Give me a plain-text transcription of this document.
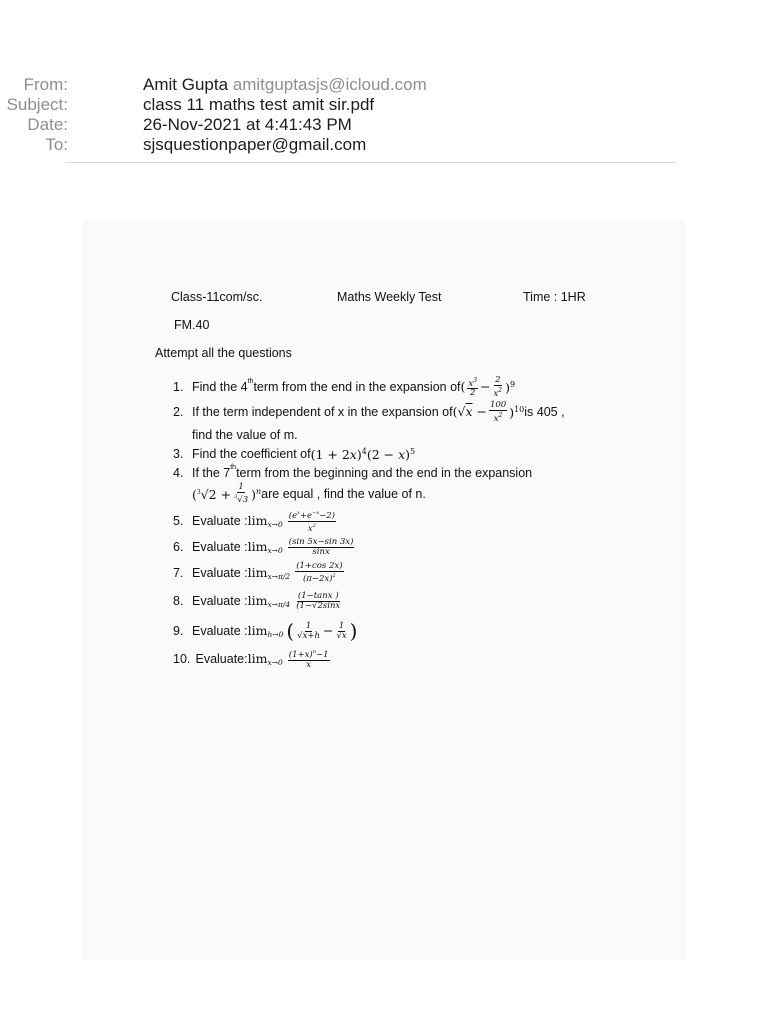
From:	Amit Gupta amitguptasjs@icloud.com
Subject:	class 11 maths test amit sir.pdf
Date:	26-Nov-2021 at 4:41:43 PM
To:	sjsquestionpaper@gmail.com
Class-11com/sc.	Maths Weekly Test	Time : 1HR
FM.40
Attempt all the questions
1. Find the 4 th term from the end in the expansion of ( $\frac{x^3}{2} - \frac{2}{x^2} )^9$
2. If the term independent of x in the expansion of $(√x - \frac{100}{x^2} )^{10}$ is 405 ,
find the value of m.
3. Find the coefficient of $(1 + 2x)^4(2 - x)^5$
4. If the 7 th term from the beginning and the end in the expansion
$(^3√2 + \frac{1}{^3√3} )^n$ are equal , find the value of n.
5. Evaluate : $\lim x\to 0 \frac{(e^x+e^{-x}-2)}{x^2}$
6. Evaluate : $\lim x\to 0 \frac{(\sin 5x-\sin 3x)}{\sin x}$
7. Evaluate : $\lim x\to\pi/2 \frac{(1+\cos 2x)}{(\pi-2x)^2}$
8. Evaluate : $\lim x\to\pi/4 \frac{(1-\tan x )}{(1-√2\sin x}$
9. Evaluate : lim h→0 ( $\frac{1}{√x+h} - \frac{1}{√x}$ )
10.
Evaluate: $\lim x\to 0 \frac{(1+x)^n-1}{x}$
